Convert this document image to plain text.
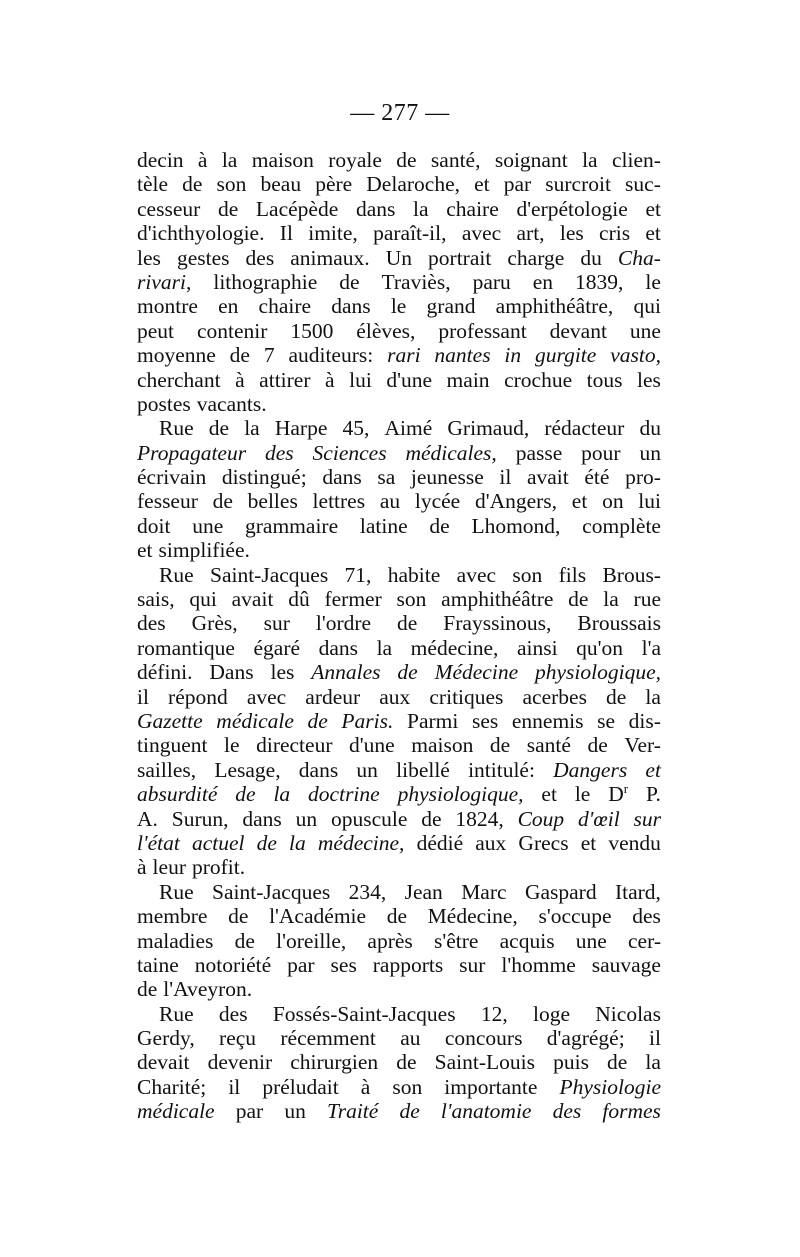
— 277 —
decin à la maison royale de santé, soignant la clien-
tèle de son beau père Delaroche, et par surcroit suc-
cesseur de Lacépède dans la chaire d'erpétologie et
d'ichthyologie. Il imite, paraît-il, avec art, les cris et
les gestes des animaux. Un portrait charge du Cha-
rivari, lithographie de Traviès, paru en 1839, le
montre en chaire dans le grand amphithéâtre, qui
peut contenir 1500 élèves, professant devant une
moyenne de 7 auditeurs: rari nantes in gurgite vasto,
cherchant à attirer à lui d'une main crochue tous les
postes vacants.
Rue de la Harpe 45, Aimé Grimaud, rédacteur du
Propagateur des Sciences médicales, passe pour un
écrivain distingué; dans sa jeunesse il avait été pro-
fesseur de belles lettres au lycée d'Angers, et on lui
doit une grammaire latine de Lhomond, complète
et simplifiée.
Rue Saint-Jacques 71, habite avec son fils Brous-
sais, qui avait dû fermer son amphithéâtre de la rue
des Grès, sur l'ordre de Frayssinous, Broussais
romantique égaré dans la médecine, ainsi qu'on l'a
défini. Dans les Annales de Médecine physiologique,
il répond avec ardeur aux critiques acerbes de la
Gazette médicale de Paris. Parmi ses ennemis se dis-
tinguent le directeur d'une maison de santé de Ver-
sailles, Lesage, dans un libellé intitulé: Dangers et
absurdité de la doctrine physiologique, et le $D^r$ P.
A. Surun, dans un opuscule de 1824, Coup d'œil sur
l'état actuel de la médecine, dédié aux Grecs et vendu
à leur profit.
Rue Saint-Jacques 234, Jean Marc Gaspard Itard,
membre de l'Académie de Médecine, s'occupe des
maladies de l'oreille, après s'être acquis une cer-
taine notoriété par ses rapports sur l'homme sauvage
de l'Aveyron.
Rue des Fossés-Saint-Jacques 12, loge Nicolas
Gerdy, reçu récemment au concours d'agrégé; il
devait devenir chirurgien de Saint-Louis puis de la
Charité; il préludait à son importante Physiologie
médicale par un Traité de l'anatomie des formes
